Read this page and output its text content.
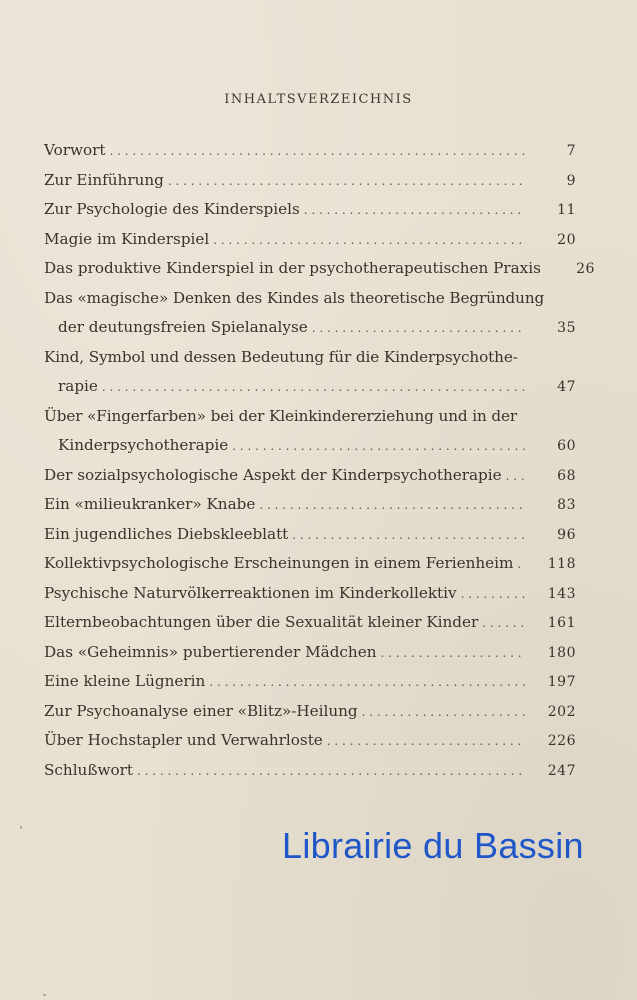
INHALTSVERZEICHNIS
Vorwort . . .	7
Zur Einführung . . .	9
Zur Psychologie des Kinderspiels . . .	11
Magie im Kinderspiel . . .	20
Das produktive Kinderspiel in der psychotherapeutischen Praxis	26
Das «magische» Denken des Kindes als theoretische Begründung
der deutungsfreien Spielanalyse . . .	35
Kind, Symbol und dessen Bedeutung für die Kinderpsychothe-
rapie . . .	47
Über «Fingerfarben» bei der Kleinkindererziehung und in der
Kinderpsychotherapie . . .	60
Der sozialpsychologische Aspekt der Kinderpsychotherapie . . .	68
Ein «milieukranker» Knabe . . .	83
Ein jugendliches Diebskleeblatt . . .	96
Kollektivpsychologische Erscheinungen in einem Ferienheim . . .	118
Psychische Naturvölkerreaktionen im Kinderkollektiv . . .	143
Elternbeobachtungen über die Sexualität kleiner Kinder . . .	161
Das «Geheimnis» pubertierender Mädchen . . .	180
Eine kleine Lügnerin . . .	197
Zur Psychoanalyse einer «Blitz»-Heilung . . .	202
Über Hochstapler und Verwahrloste . . .	226
Schlußwort . . .	247
Librairie du Bassin
